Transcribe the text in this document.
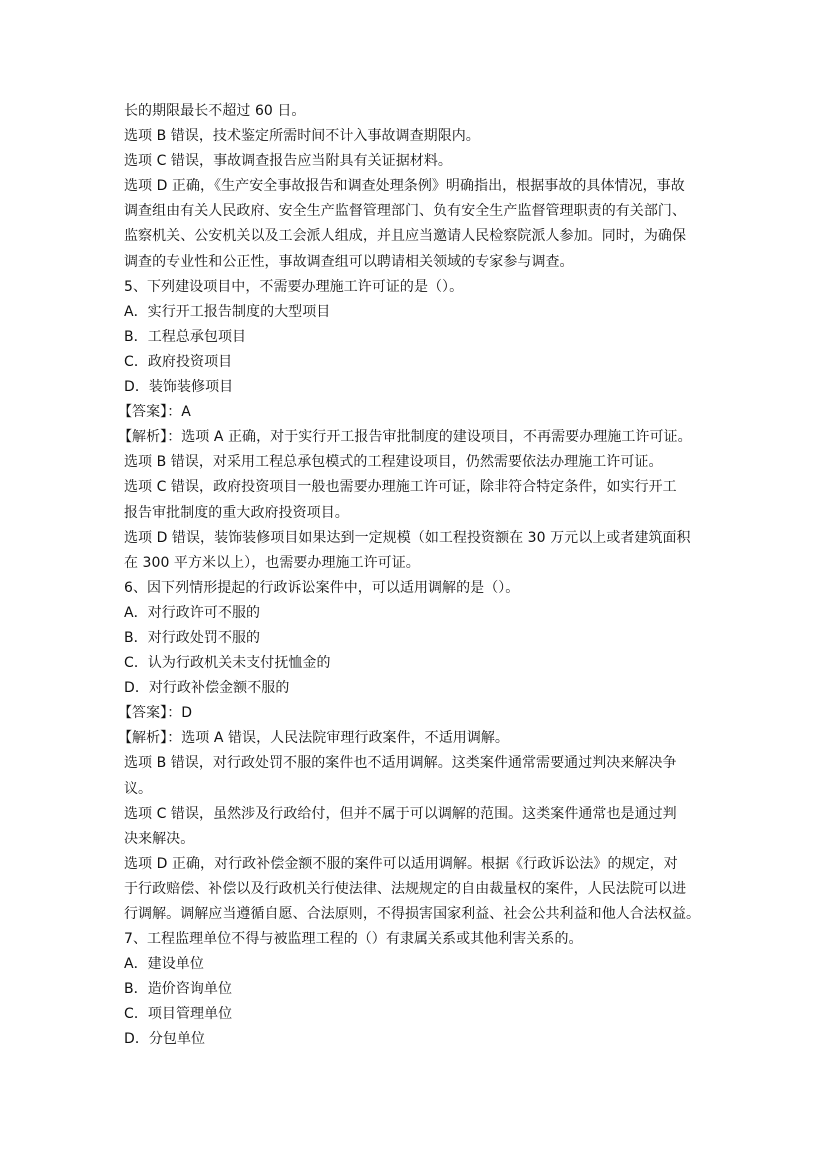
长的期限最长不超过 60 日。
选项 B 错误，技术鉴定所需时间不计入事故调查期限内。
选项 C 错误，事故调查报告应当附具有关证据材料。
选项 D 正确，《生产安全事故报告和调查处理条例》明确指出，根据事故的具体情况，事故
调查组由有关人民政府、安全生产监督管理部门、负有安全生产监督管理职责的有关部门、
监察机关、公安机关以及工会派人组成，并且应当邀请人民检察院派人参加。同时，为确保
调查的专业性和公正性，事故调查组可以聘请相关领域的专家参与调查。
5、下列建设项目中，不需要办理施工许可证的是（）。
A．实行开工报告制度的大型项目
B．工程总承包项目
C．政府投资项目
D．装饰装修项目
【答案】：A
【解析】：选项 A 正确，对于实行开工报告审批制度的建设项目，不再需要办理施工许可证。
选项 B 错误，对采用工程总承包模式的工程建设项目，仍然需要依法办理施工许可证。
选项 C 错误，政府投资项目一般也需要办理施工许可证，除非符合特定条件，如实行开工
报告审批制度的重大政府投资项目。
选项 D 错误，装饰装修项目如果达到一定规模（如工程投资额在 30 万元以上或者建筑面积
在 300 平方米以上），也需要办理施工许可证。
6、因下列情形提起的行政诉讼案件中，可以适用调解的是（）。
A．对行政许可不服的
B．对行政处罚不服的
C．认为行政机关未支付抚恤金的
D．对行政补偿金额不服的
【答案】：D
【解析】：选项 A 错误，人民法院审理行政案件，不适用调解。
选项 B 错误，对行政处罚不服的案件也不适用调解。这类案件通常需要通过判决来解决争
议。
选项 C 错误，虽然涉及行政给付，但并不属于可以调解的范围。这类案件通常也是通过判
决来解决。
选项 D 正确，对行政补偿金额不服的案件可以适用调解。根据《行政诉讼法》的规定，对
于行政赔偿、补偿以及行政机关行使法律、法规规定的自由裁量权的案件，人民法院可以进
行调解。调解应当遵循自愿、合法原则，不得损害国家利益、社会公共利益和他人合法权益。
7、工程监理单位不得与被监理工程的（）有隶属关系或其他利害关系的。
A．建设单位
B．造价咨询单位
C．项目管理单位
D．分包单位
